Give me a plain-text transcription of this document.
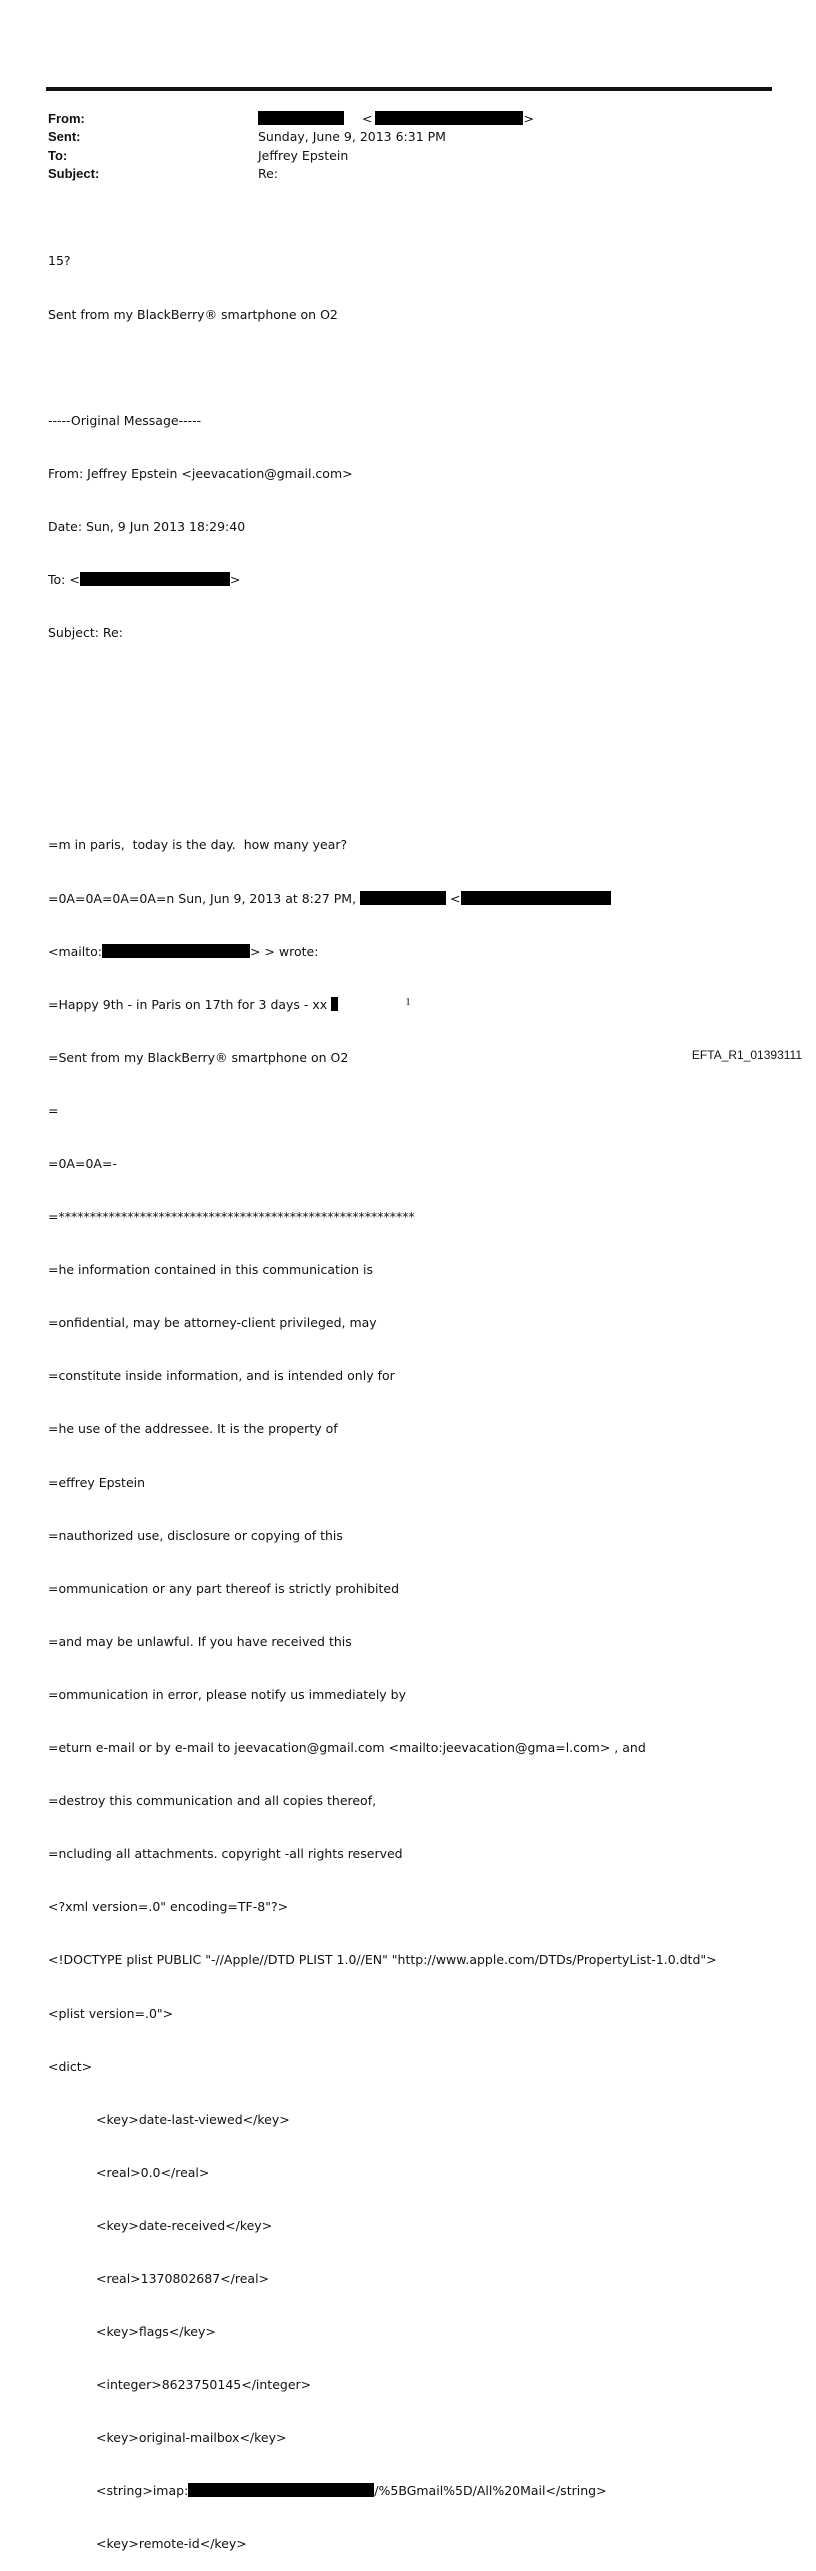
From:	<	>
Sent:	Sunday, June 9, 2013 6:31 PM
To:	Jeffrey Epstein
Subject:	Re:

15?

Sent from my BlackBerry® smartphone on O2

-----Original Message-----

From: Jeffrey Epstein <jeevacation@gmail.com>

Date: Sun, 9 Jun 2013 18:29:40

To: <	>

Subject: Re:

=m in paris,  today is the day.  how many year?

=0A=0A=0A=0A=n Sun, Jun 9, 2013 at 8:27 PM,	<

<mailto:	> > wrote:

=Happy 9th - in Paris on 17th for 3 days - xx

=Sent from my BlackBerry® smartphone on O2

=

=0A=0A=-

=*********************************************************

=he information contained in this communication is

=onfidential, may be attorney-client privileged, may

=constitute inside information, and is intended only for

=he use of the addressee. It is the property of

=effrey Epstein

=nauthorized use, disclosure or copying of this

=ommunication or any part thereof is strictly prohibited

=and may be unlawful. If you have received this

=ommunication in error, please notify us immediately by

=eturn e-mail or by e-mail to jeevacation@gmail.com <mailto:jeevacation@gma=l.com> , and

=destroy this communication and all copies thereof,

=ncluding all attachments. copyright -all rights reserved

<?xml version=.0" encoding=TF-8"?>

<!DOCTYPE plist PUBLIC "-//Apple//DTD PLIST 1.0//EN" "http://www.apple.com/DTDs/PropertyList-1.0.dtd">

<plist version=.0">

<dict>

<key>date-last-viewed</key>

<real>0.0</real>

<key>date-received</key>

<real>1370802687</real>

<key>flags</key>

<integer>8623750145</integer>

<key>original-mailbox</key>

<string>imap:	/%5BGmail%5D/All%20Mail</string>

<key>remote-id</key>

1
EFTA_R1_01393111
